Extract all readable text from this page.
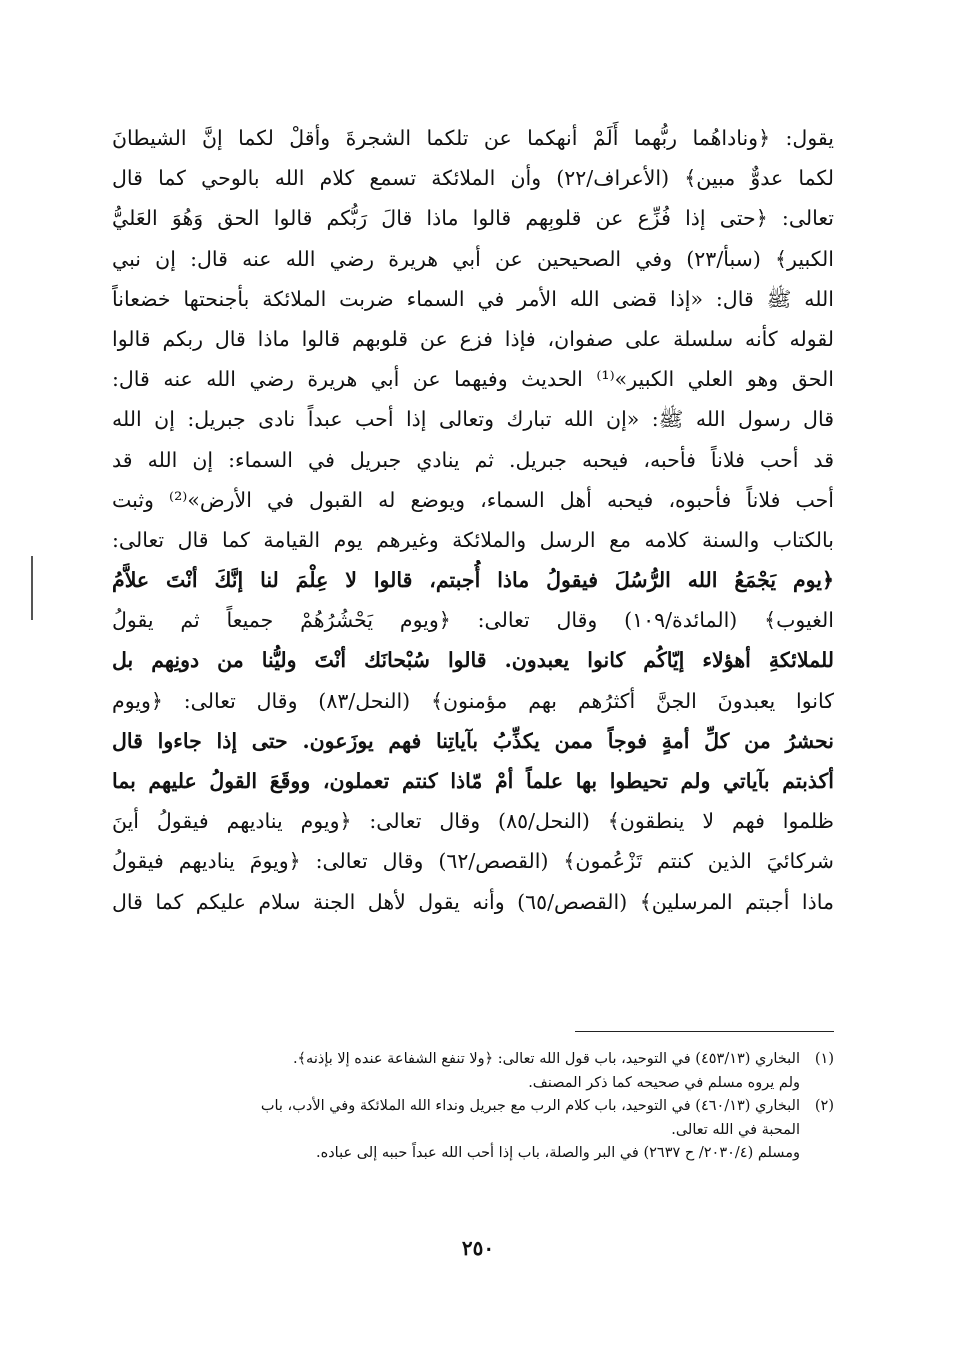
يقول: ﴿وناداهُما ربُّهما أَلَمْ أنهكما عن تلكما الشجرةَ وأقلْ لكما إنَّ الشيطانَ
لكما عدوٌّ مبين﴾ (الأعراف/٢٢) وأن الملائكة تسمع كلام الله بالوحي كما قال
تعالى: ﴿حتى إذا فُزِّع عن قلوبِهم قالوا ماذا قالَ رَبُّكم قالوا الحق وَهُوَ العَليُّ
الكبير﴾ (سبأ/٢٣) وفي الصحيحين عن أبي هريرة رضي الله عنه قال: إن نبي
الله ﷺ قال: «إذا قضى الله الأمر في السماء ضربت الملائكة بأجنحتها خضعاناً
لقوله كأنه سلسلة على صفوان، فإذا فزع عن قلوبهم قالوا ماذا قال ربكم قالوا
الحق وهو العلي الكبير»⁽¹⁾ الحديث وفيهما عن أبي هريرة رضي الله عنه قال:
قال رسول الله ﷺ: «إن الله تبارك وتعالى إذا أحب عبداً نادى جبريل: إن الله
قد أحب فلاناً فأحبه، فيحبه جبريل. ثم ينادي جبريل في السماء: إن الله قد
أحب فلاناً فأحبوه، فيحبه أهل السماء، ويوضع له القبول في الأرض»⁽²⁾ وثبت
بالكتاب والسنة كلامه مع الرسل والملائكة وغيرهم يوم القيامة كما قال تعالى:
﴿يوم يَجْمَعُ الله الرُّسُلَ فيقولُ ماذا أُجبتم، قالوا لا عِلْمَ لنا إنَّكَ أنْتَ علاَّمُ
الغيوب﴾ (المائدة/١٠٩) وقال تعالى: ﴿ويوم يَحْشُرُهُمْ جميعاً ثم يقولُ
للملائكةِ أهؤلاء إيّاكُم كانوا يعبدون. قالوا سُبْحانَك أنْتَ وليُّنا من دونِهم بل
كانوا يعبدونَ الجنَّ أكثرُهم بهم مؤمنون﴾ (النحل/٨٣) وقال تعالى: ﴿ويوم
نحشرُ من كلِّ أمةٍ فوجاً ممن يكذِّبُ بآياتِنا فهم يوزَعون. حتى إذا جاءوا قال
أكذبتم بآياتي ولم تحيطوا بها علماً أمْ مّاذا كنتم تعملون، ووقَعَ القولُ عليهم بما
ظلموا فهم لا ينطقون﴾ (النحل/٨٥) وقال تعالى: ﴿ويوم يناديهم فيقولُ أينَ
شركائيَ الذين كنتم تَزْعُمون﴾ (القصص/٦٢) وقال تعالى: ﴿ويومَ يناديهم فيقولُ
ماذا أجبتم المرسلين﴾ (القصص/٦٥) وأنه يقول لأهل الجنة سلام عليكم كما قال
(١)البخاري (٤٥٣/١٣) في التوحيد، باب قول الله تعالى: ﴿ولا تنفع الشفاعة عنده إلا بإذنه﴾.
ولم يروه مسلم في صحيحه كما ذكر المصنف.
(٢)البخاري (٤٦٠/١٣) في التوحيد، باب كلام الرب مع جبريل ونداء الله الملائكة وفي الأدب، باب
المحبة في الله تعالى.
ومسلم (٢٠٣٠/٤/ ح ٢٦٣٧) في البر والصلة، باب إذا أحب الله عبداً حببه إلى عباده.
٢٥٠
